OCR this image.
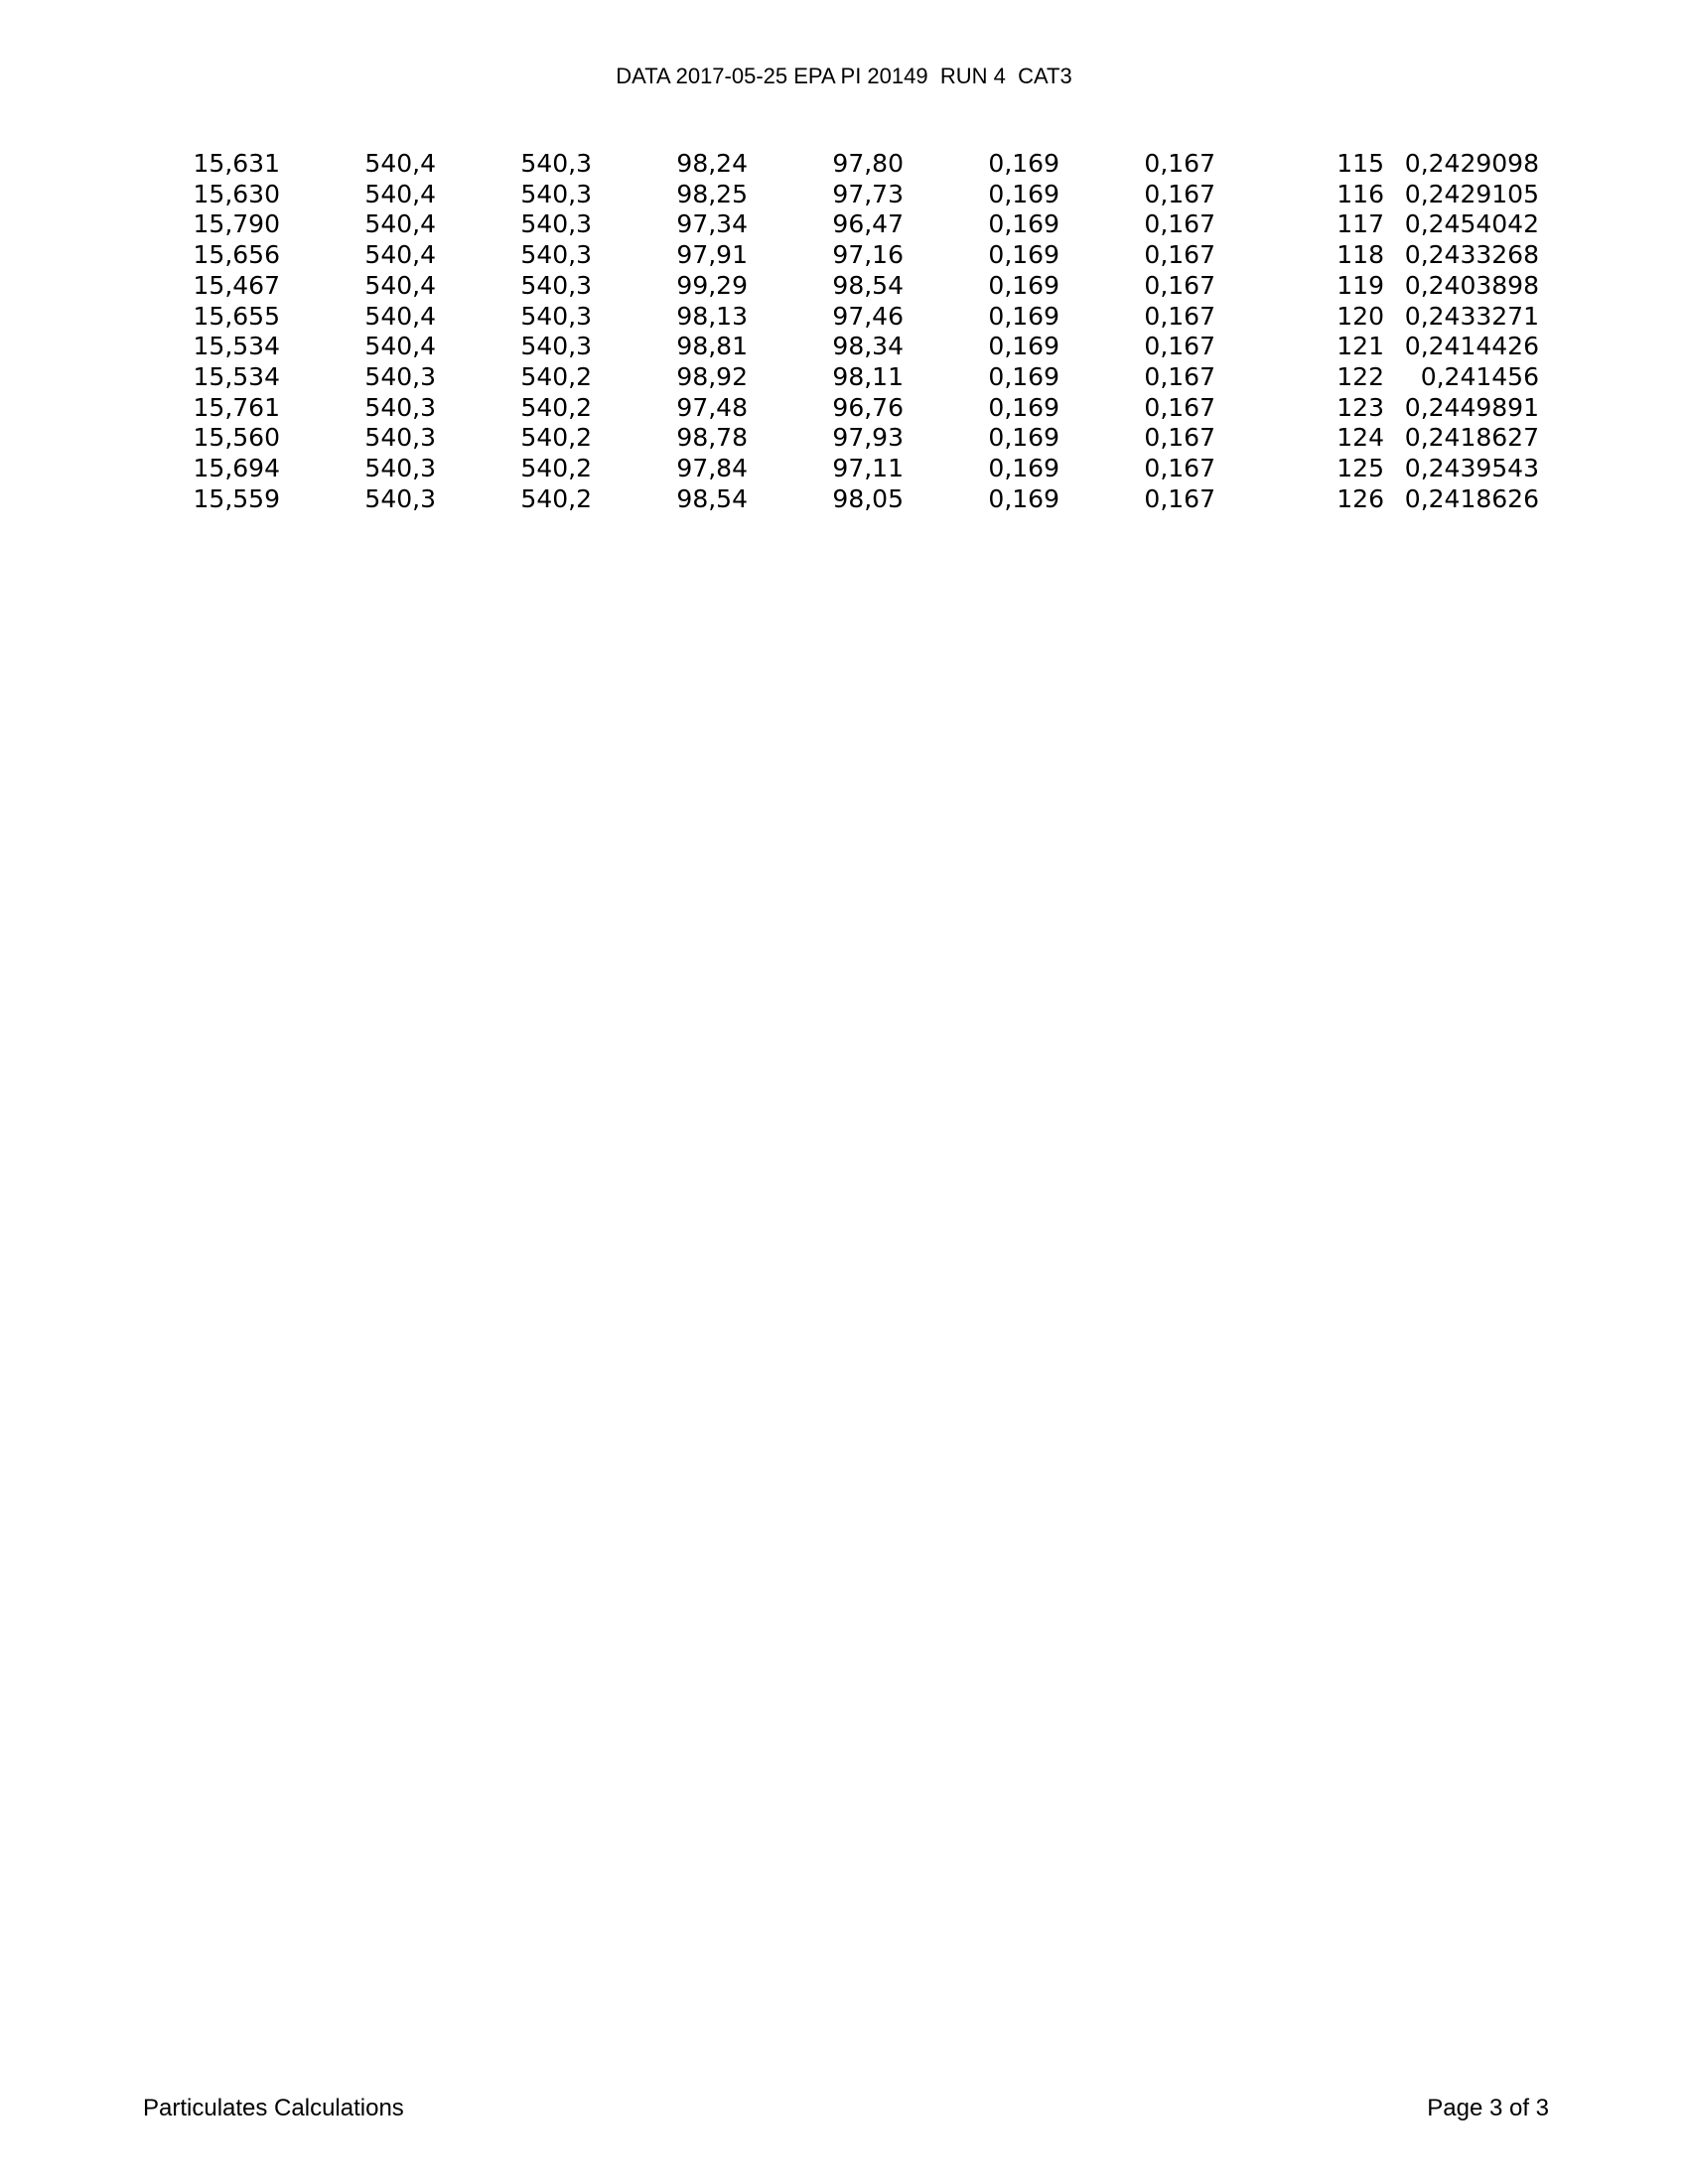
DATA 2017-05-25 EPA PI 20149  RUN 4  CAT3
15,631	540,4	540,3	98,24	97,80	0,169	0,167	115	0,2429098
15,630	540,4	540,3	98,25	97,73	0,169	0,167	116	0,2429105
15,790	540,4	540,3	97,34	96,47	0,169	0,167	117	0,2454042
15,656	540,4	540,3	97,91	97,16	0,169	0,167	118	0,2433268
15,467	540,4	540,3	99,29	98,54	0,169	0,167	119	0,2403898
15,655	540,4	540,3	98,13	97,46	0,169	0,167	120	0,2433271
15,534	540,4	540,3	98,81	98,34	0,169	0,167	121	0,2414426
15,534	540,3	540,2	98,92	98,11	0,169	0,167	122	0,241456
15,761	540,3	540,2	97,48	96,76	0,169	0,167	123	0,2449891
15,560	540,3	540,2	98,78	97,93	0,169	0,167	124	0,2418627
15,694	540,3	540,2	97,84	97,11	0,169	0,167	125	0,2439543
15,559	540,3	540,2	98,54	98,05	0,169	0,167	126	0,2418626
Particulates Calculations	Page 3 of 3
